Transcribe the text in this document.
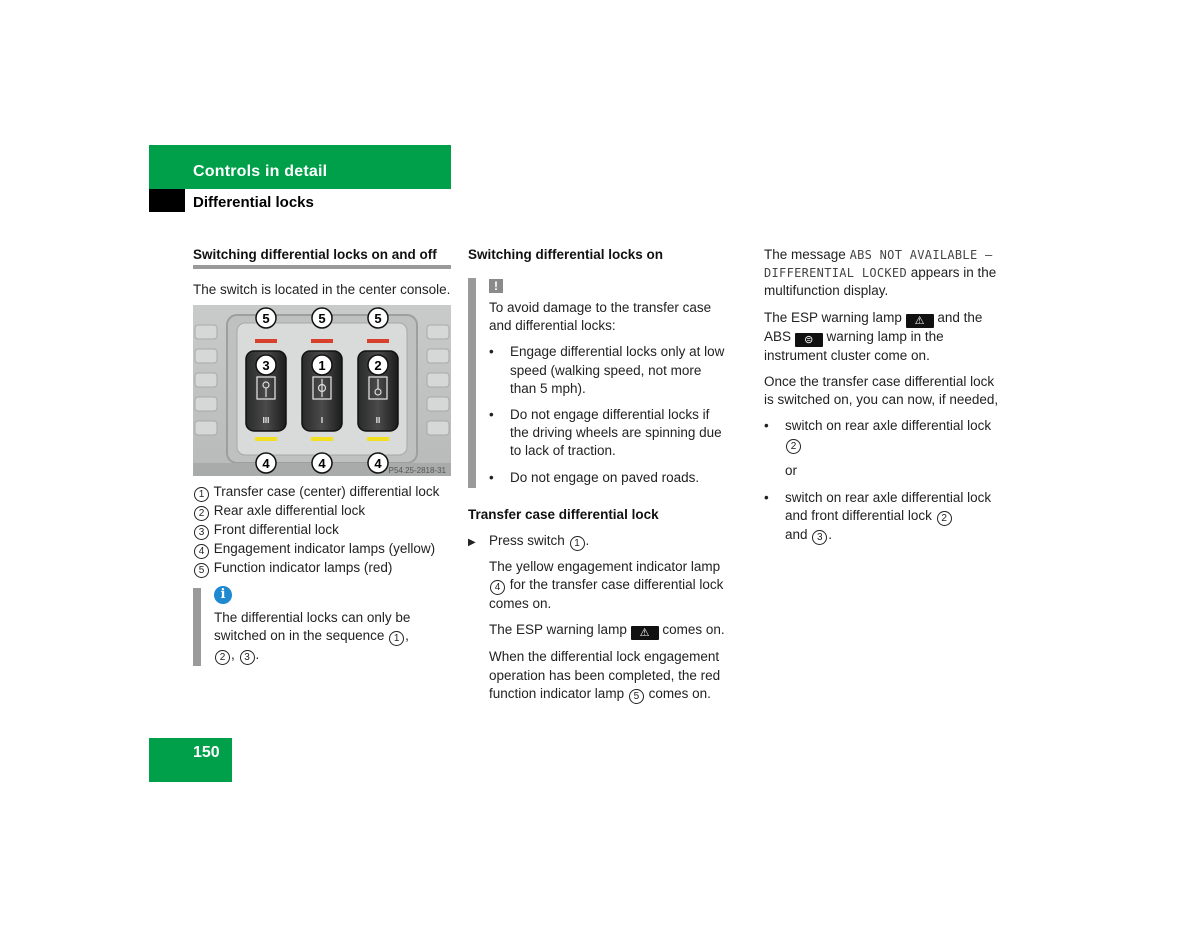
Controls in detail
Differential locks
Switching differential locks on and off
The switch is located in the center console.
5	5	5
3	1	2
4	4	4
III	I	II
P54.25-2818-31
1 Transfer case (center) differential lock
2 Rear axle differential lock
3 Front differential lock
4 Engagement indicator lamps (yellow)
5 Function indicator lamps (red)
i
The differential locks can only be
switched on in the sequence 1 ,
2 , 3 .
Switching differential locks on
!
To avoid damage to the transfer case and differential locks:
• Engage differential locks only at low speed (walking speed, not more than 5 mph).
• Do not engage differential locks if the driving wheels are spinning due to lack of traction.
• Do not engage on paved roads.
Transfer case differential lock
▶ Press switch 1 .
The yellow engagement indicator lamp 4 for the transfer case differential lock comes on.
The ESP warning lamp ⚠ comes on.
When the differential lock engagement operation has been completed, the red function indicator lamp 5 comes on.
The message ABS NOT AVAILABLE –
DIFFERENTIAL LOCKED appears in the multifunction display.
The ESP warning lamp ⚠ and the
ABS ⊜ warning lamp in the instrument cluster come on.
Once the transfer case differential lock is switched on, you can now, if needed,
• switch on rear axle differential lock 2
or
• switch on rear axle differential lock and front differential lock 2
and 3 .
150
